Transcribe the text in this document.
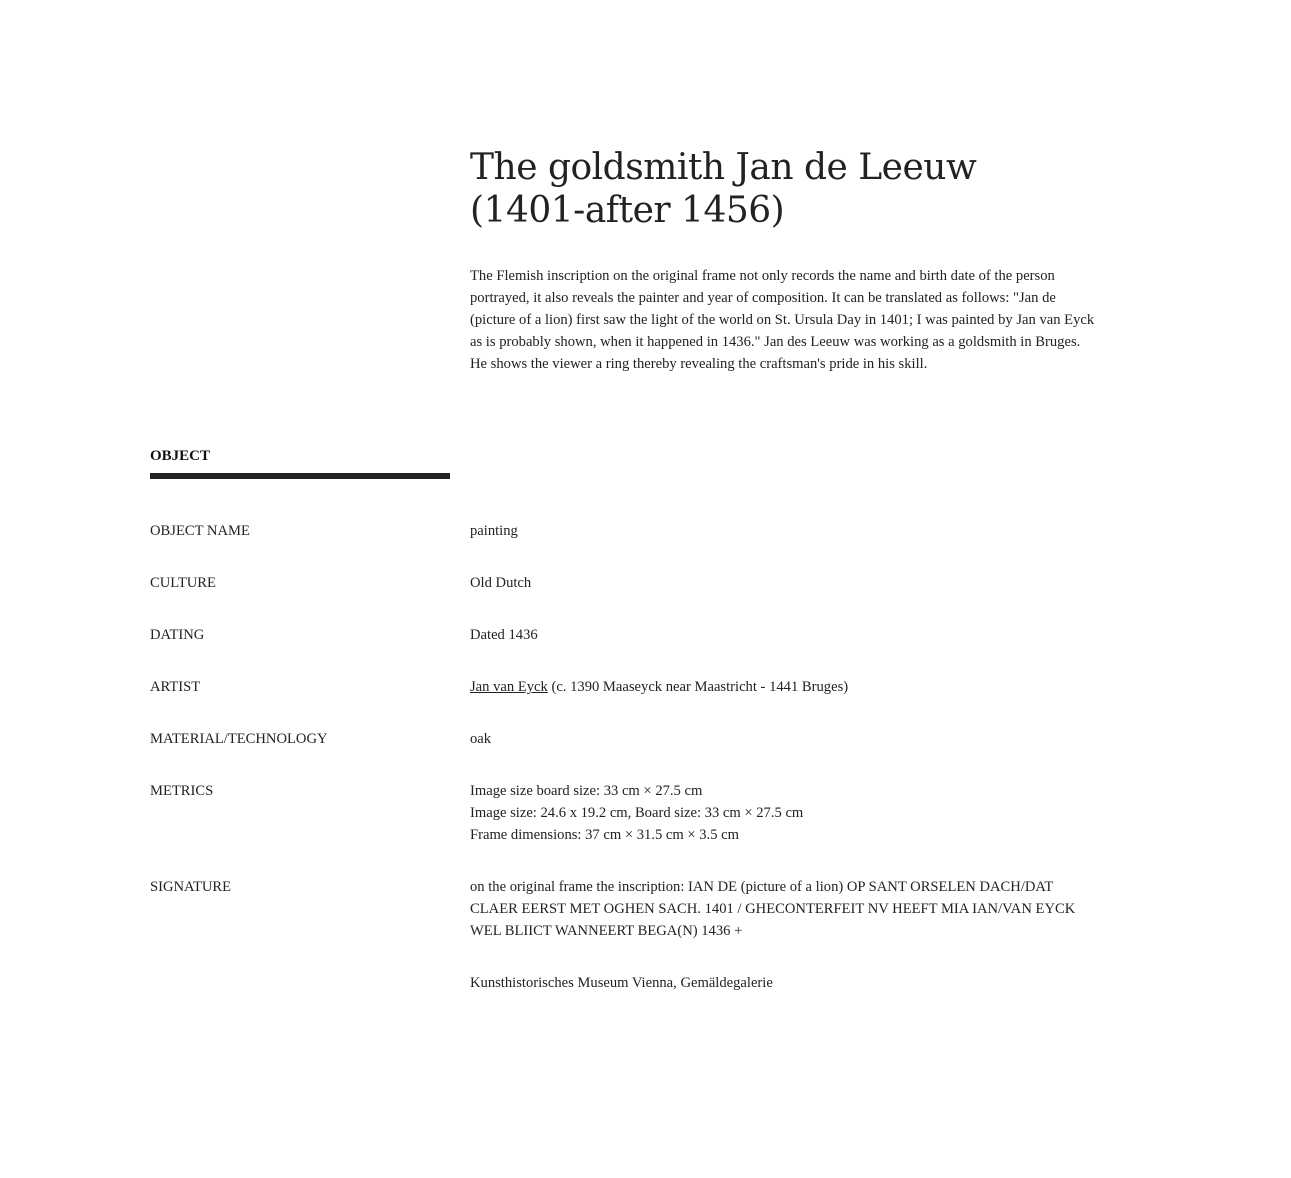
The goldsmith Jan de Leeuw (1401-after 1456)

The Flemish inscription on the original frame not only records the name and birth date of the person portrayed, it also reveals the painter and year of composition. It can be translated as follows: "Jan de (picture of a lion) first saw the light of the world on St. Ursula Day in 1401; I was painted by Jan van Eyck as is probably shown, when it happened in 1436." Jan des Leeuw was working as a goldsmith in Bruges. He shows the viewer a ring thereby revealing the craftsman's pride in his skill.

OBJECT
OBJECT NAME	painting
CULTURE	Old Dutch
DATING	Dated 1436
ARTIST	Jan van Eyck (c. 1390 Maaseyck near Maastricht - 1441 Bruges)
MATERIAL/TECHNOLOGY	oak
METRICS	Image size board size: 33 cm × 27.5 cm
Image size: 24.6 x 19.2 cm, Board size: 33 cm × 27.5 cm
Frame dimensions: 37 cm × 31.5 cm × 3.5 cm
SIGNATURE	on the original frame the inscription: IAN DE (picture of a lion) OP SANT ORSELEN DACH/DAT CLAER EERST MET OGHEN SACH. 1401 / GHECONTERFEIT NV HEEFT MIA IAN/VAN EYCK WEL BLIICT WANNEERT BEGA(N) 1436 +
Kunsthistorisches Museum Vienna, Gemäldegalerie
